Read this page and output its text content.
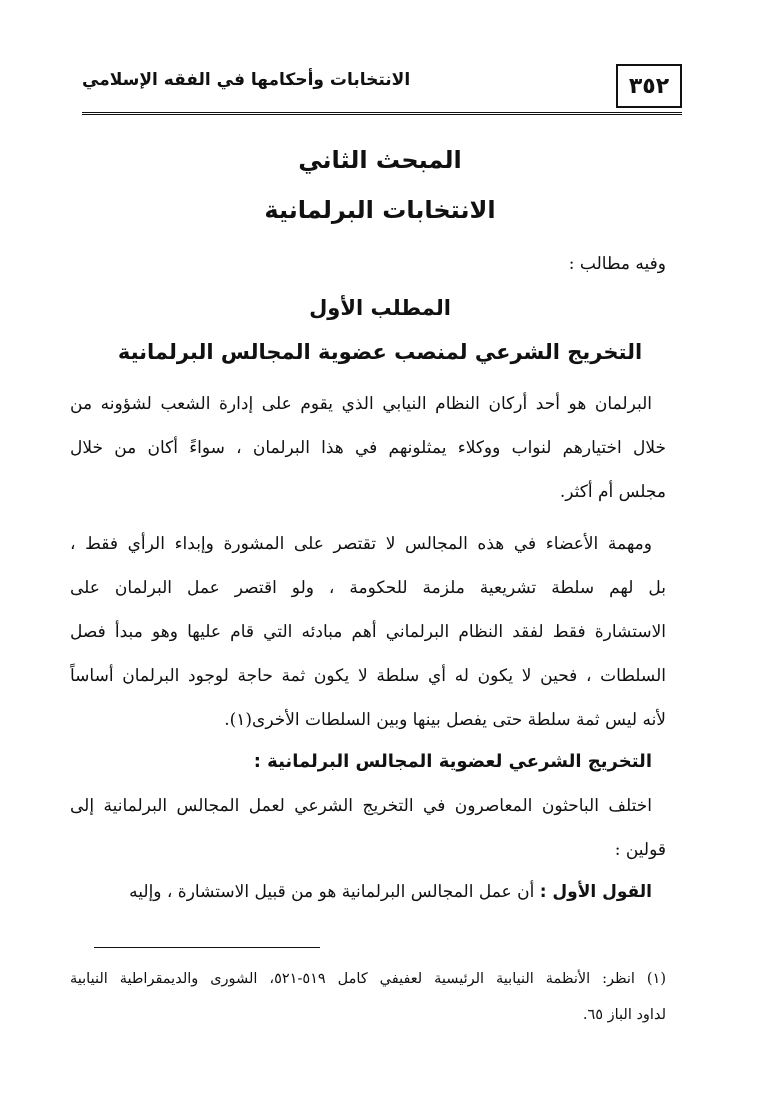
٣٥٢
الانتخابات وأحكامها في الفقه الإسلامي
المبحث الثاني
الانتخابات البرلمانية
وفيه مطالب :
المطلب الأول
التخريج الشرعي لمنصب عضوية المجالس البرلمانية
البرلمان هو أحد أركان النظام النيابي الذي يقوم على إدارة الشعب لشؤونه من
خلال اختيارهم لنواب ووكلاء يمثلونهم في هذا البرلمان ، سواءً أكان من خلال
مجلس أم أكثر.
ومهمة الأعضاء في هذه المجالس لا تقتصر على المشورة وإبداء الرأي فقط ،
بل لهم سلطة تشريعية ملزمة للحكومة ، ولو اقتصر عمل البرلمان على
الاستشارة فقط لفقد النظام البرلماني أهم مبادئه التي قام عليها وهو مبدأ فصل
السلطات ، فحين لا يكون له أي سلطة لا يكون ثمة حاجة لوجود البرلمان أساساً
لأنه ليس ثمة سلطة حتى يفصل بينها وبين السلطات الأخرى(١).
التخريج الشرعي لعضوية المجالس البرلمانية :
اختلف الباحثون المعاصرون في التخريج الشرعي لعمل المجالس البرلمانية إلى
قولين :
القول الأول : أن عمل المجالس البرلمانية هو من قبيل الاستشارة ، وإليه
(١) انظر: الأنظمة النيابية الرئيسية لعفيفي كامل ٥١٩-٥٢١، الشورى والديمقراطية النيابية
لداود الباز ٦٥.
